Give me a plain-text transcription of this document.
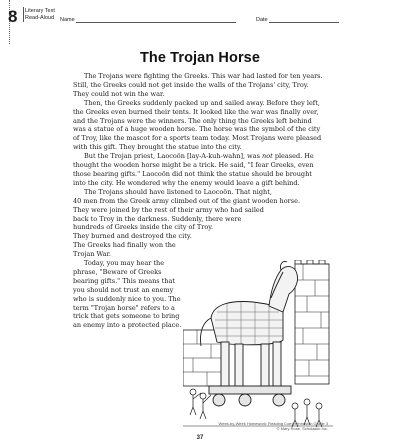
8	Literary Text
Read-Aloud Name	Date
The Trojan Horse

The Trojans were fighting the Greeks. This war had lasted for ten years. Still, the Greeks could not get inside the walls of the Trojans' city, Troy. They could not win the war.

Then, the Greeks suddenly packed up and sailed away. Before they left, the Greeks even burned their tents. It looked like the war was finally over, and the Trojans were the winners. The only thing the Greeks left behind was a statue of a huge wooden horse. The horse was the symbol of the city of Troy, like the mascot for a sports team today. Most Trojans were pleased with this gift. They brought the statue into the city.

But the Trojan priest, Laocoön [lay-A-kuh-wahn], was not pleased. He thought the wooden horse might be a trick. He said, "I fear Greeks, even those bearing gifts." Laocoön did not think the statue should be brought into the city. He wondered why the enemy would leave a gift behind.

The Trojans should have listened to Laocoön. That night,
40 men from the Greek army climbed out of the giant wooden horse.
They were joined by the rest of their army who had sailed
back to Troy in the darkness. Suddenly, there were
hundreds of Greeks inside the city of Troy.
They burned and destroyed the city.
The Greeks had finally won the
Trojan War.
Today, you may hear the
phrase, "Beware of Greeks
bearing gifts." This means that
you should not trust an enemy
who is suddenly nice to you. The
term "Trojan horse" refers to a
trick that gets someone to bring
an enemy into a protected place.
Week-by-Week Homework: Reading Comprehension Grade 3
© Mary Rose, Scholastic Inc.
37
